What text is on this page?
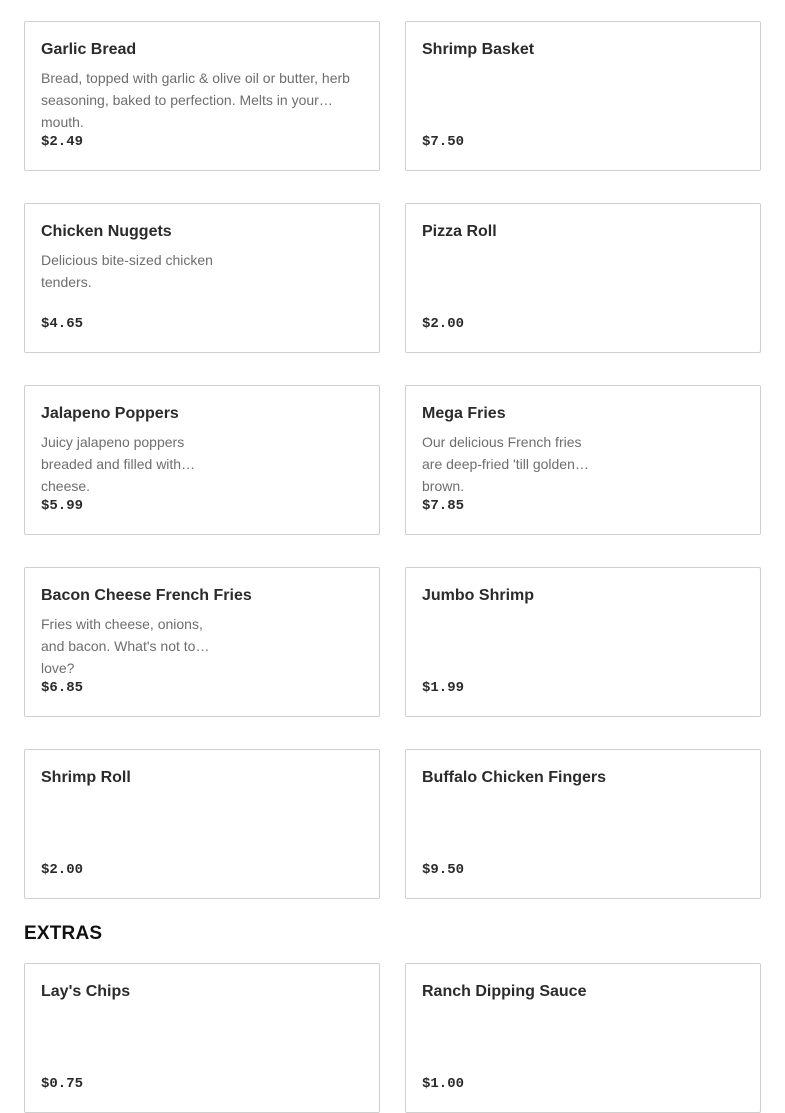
Garlic Bread
Bread, topped with garlic & olive oil or butter, herb seasoning, baked to perfection. Melts in your mouth.
$2.49
Shrimp Basket
$7.50
Chicken Nuggets
Delicious bite-sized chicken tenders.
$4.65
Pizza Roll
$2.00
Jalapeno Poppers
Juicy jalapeno poppers breaded and filled with cheese.
$5.99
Mega Fries
Our delicious French fries are deep-fried 'till golden brown.
$7.85
Bacon Cheese French Fries
Fries with cheese, onions, and bacon. What's not to love?
$6.85
Jumbo Shrimp
$1.99
Shrimp Roll
$2.00
Buffalo Chicken Fingers
$9.50
EXTRAS
Lay's Chips
$0.75
Ranch Dipping Sauce
$1.00
